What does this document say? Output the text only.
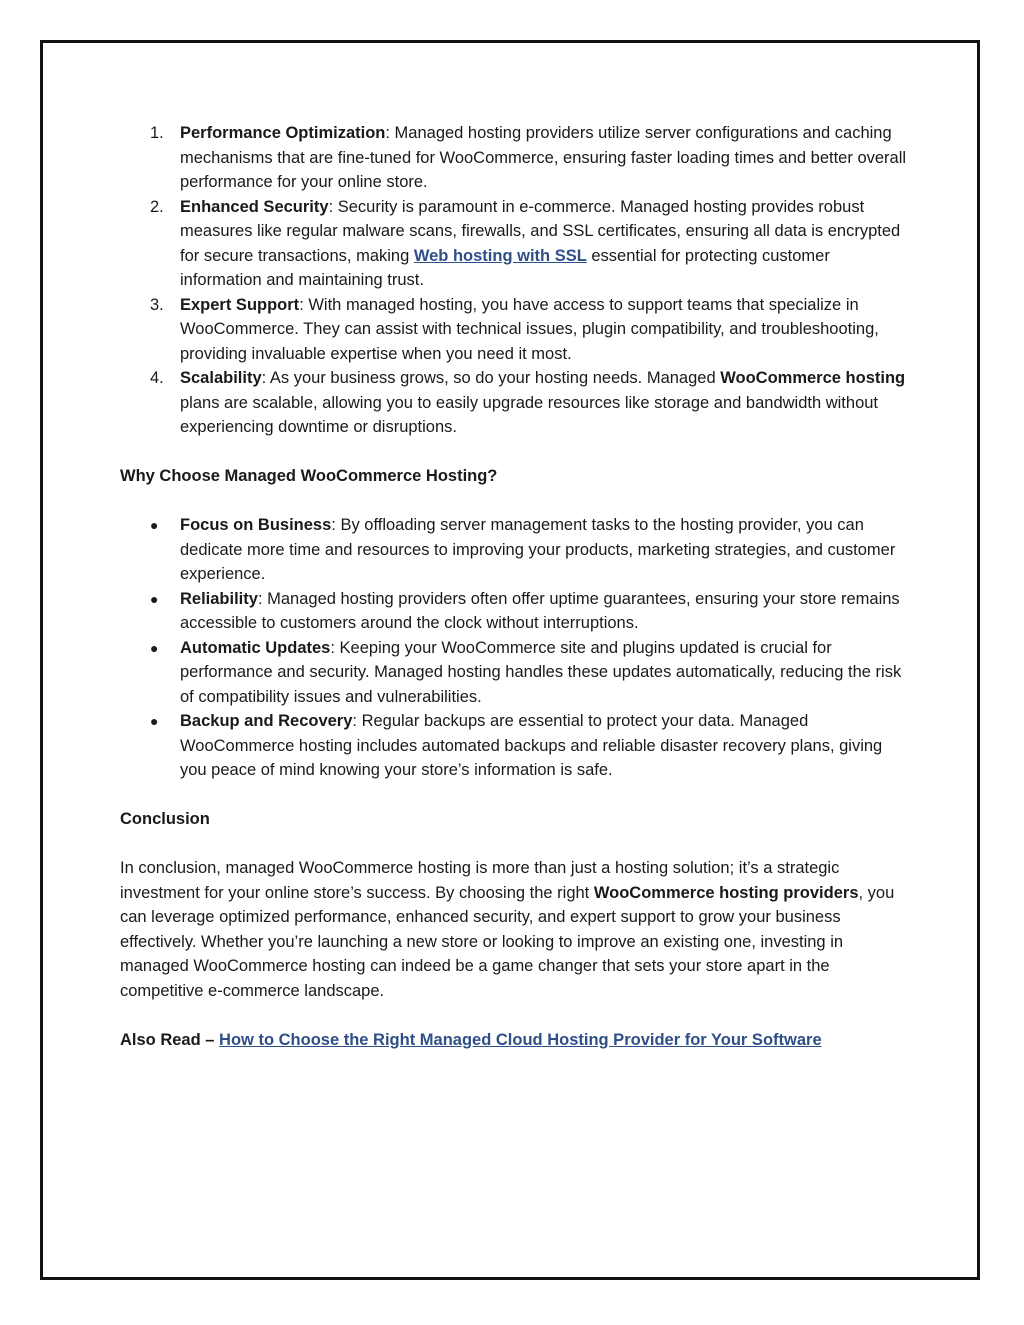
1. Performance Optimization: Managed hosting providers utilize server configurations and caching mechanisms that are fine-tuned for WooCommerce, ensuring faster loading times and better overall performance for your online store.
2. Enhanced Security: Security is paramount in e-commerce. Managed hosting provides robust measures like regular malware scans, firewalls, and SSL certificates, ensuring all data is encrypted for secure transactions, making Web hosting with SSL essential for protecting customer information and maintaining trust.
3. Expert Support: With managed hosting, you have access to support teams that specialize in WooCommerce. They can assist with technical issues, plugin compatibility, and troubleshooting, providing invaluable expertise when you need it most.
4. Scalability: As your business grows, so do your hosting needs. Managed WooCommerce hosting plans are scalable, allowing you to easily upgrade resources like storage and bandwidth without experiencing downtime or disruptions.

Why Choose Managed WooCommerce Hosting?

● Focus on Business: By offloading server management tasks to the hosting provider, you can dedicate more time and resources to improving your products, marketing strategies, and customer experience.
● Reliability: Managed hosting providers often offer uptime guarantees, ensuring your store remains accessible to customers around the clock without interruptions.
● Automatic Updates: Keeping your WooCommerce site and plugins updated is crucial for performance and security. Managed hosting handles these updates automatically, reducing the risk of compatibility issues and vulnerabilities.
● Backup and Recovery: Regular backups are essential to protect your data. Managed WooCommerce hosting includes automated backups and reliable disaster recovery plans, giving you peace of mind knowing your store’s information is safe.

Conclusion

In conclusion, managed WooCommerce hosting is more than just a hosting solution; it’s a strategic investment for your online store’s success. By choosing the right WooCommerce hosting providers, you can leverage optimized performance, enhanced security, and expert support to grow your business effectively. Whether you’re launching a new store or looking to improve an existing one, investing in managed WooCommerce hosting can indeed be a game changer that sets your store apart in the competitive e-commerce landscape.

Also Read – How to Choose the Right Managed Cloud Hosting Provider for Your Software
